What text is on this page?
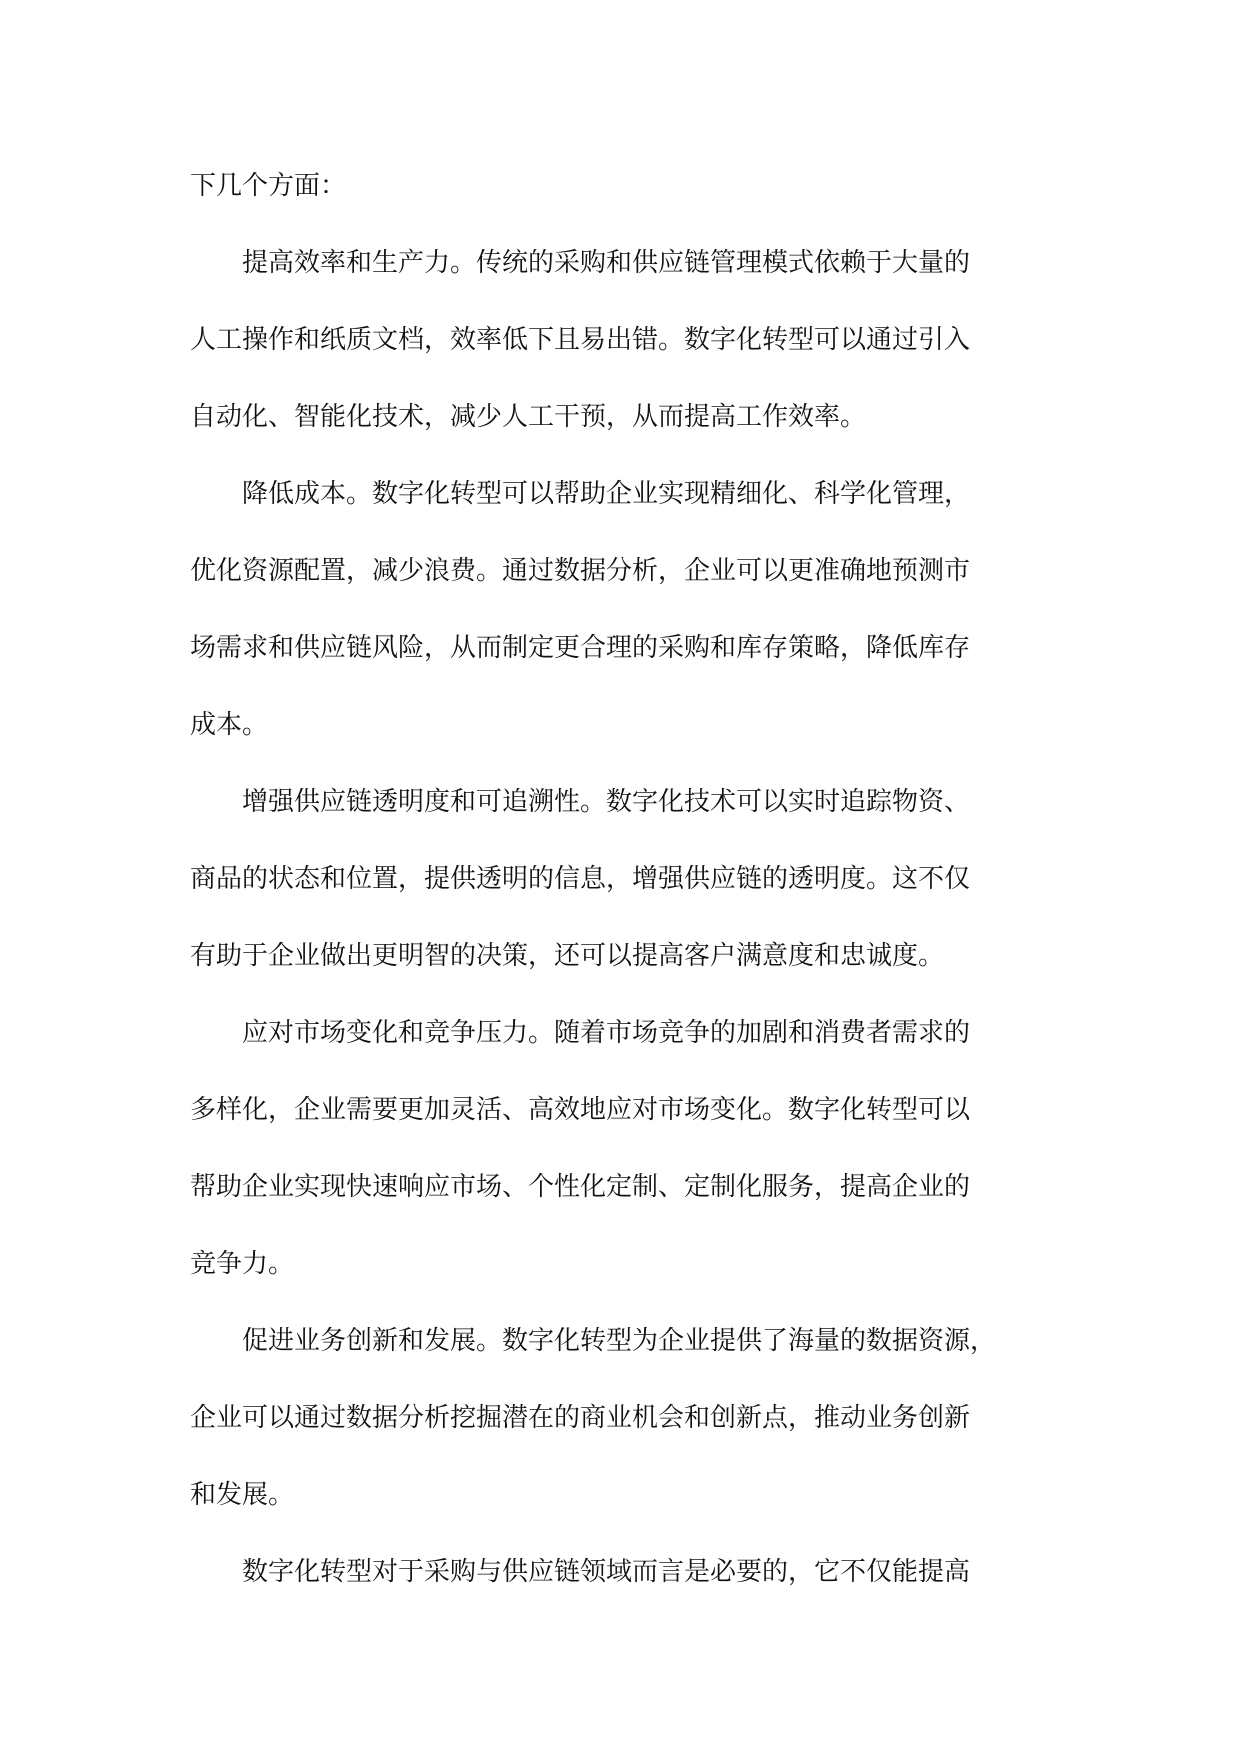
下几个方面：
　　提高效率和生产力。传统的采购和供应链管理模式依赖于大量的
人工操作和纸质文档，效率低下且易出错。数字化转型可以通过引入
自动化、智能化技术，减少人工干预，从而提高工作效率。
　　降低成本。数字化转型可以帮助企业实现精细化、科学化管理，
优化资源配置，减少浪费。通过数据分析，企业可以更准确地预测市
场需求和供应链风险，从而制定更合理的采购和库存策略，降低库存
成本。
　　增强供应链透明度和可追溯性。数字化技术可以实时追踪物资、
商品的状态和位置，提供透明的信息，增强供应链的透明度。这不仅
有助于企业做出更明智的决策，还可以提高客户满意度和忠诚度。
　　应对市场变化和竞争压力。随着市场竞争的加剧和消费者需求的
多样化，企业需要更加灵活、高效地应对市场变化。数字化转型可以
帮助企业实现快速响应市场、个性化定制、定制化服务，提高企业的
竞争力。
　　促进业务创新和发展。数字化转型为企业提供了海量的数据资源，
企业可以通过数据分析挖掘潜在的商业机会和创新点，推动业务创新
和发展。
　　数字化转型对于采购与供应链领域而言是必要的，它不仅能提高
